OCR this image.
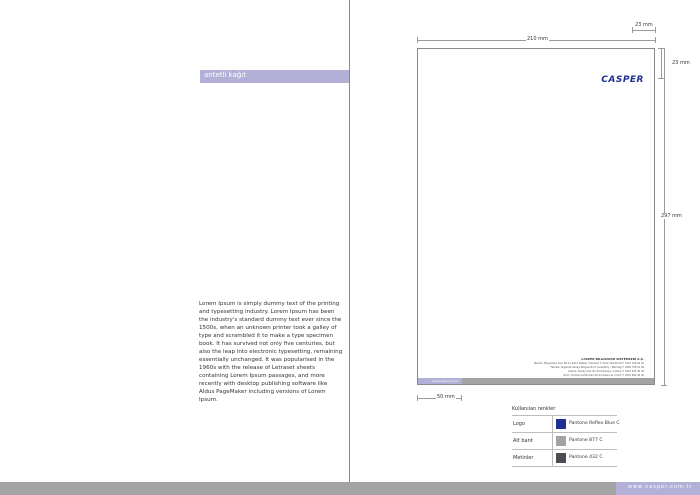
antetli kağıt
Lorem Ipsum is simply dummy text of the printing and typesetting industry. Lorem Ipsum has been the industry's standard dummy text ever since the 1500s, when an unknown printer took a galley of type and scrambled it to make a type specimen book. It has survived not only five centuries, but also the leap into electronic typesetting, remaining essentially unchanged. It was popularised in the 1960s with the release of Letraset sheets containing Lorem Ipsum passages, and more recently with desktop publishing software like Aldus PageMaker including versions of Lorem Ipsum.
CASPER
CASPER BİLGİSAYAR SİSTEMLERİ A.Ş.
Merkez: Büyükdere Cad. No:11 Kat:4 Maslak / İstanbul T: 0212 329 26 00 F: 0212 329 26 01
Fabrika: Organize Sanayi Bölgesi No:5 Çerkezköy / Tekirdağ T: 0282 758 10 00
Ankara: Kızılay Cad. No:20 Çankaya / Ankara T: 0312 425 30 30
İzmir: Cumhuriyet Bulvarı No:44 Alsancak / İzmir T: 0232 464 40 40
www.casper.com.tr
210 mm
23 mm
23 mm
297 mm
50 mm
Kullanılan renkler
Logo	Pantone Reflex Blue C
Alt bant	Pantone 877 C
Metinler	Pantone 432 C
www.casper.com.tr
